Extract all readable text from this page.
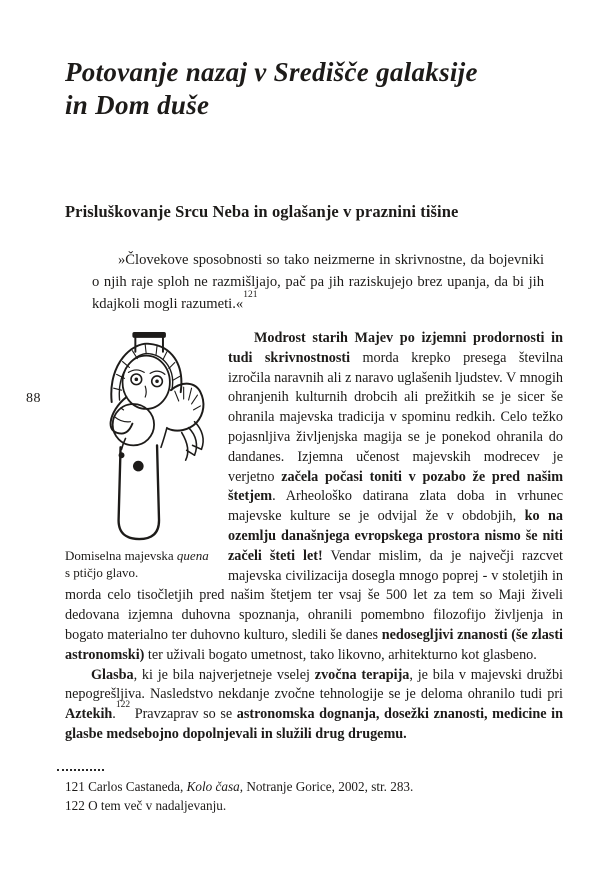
88
Potovanje nazaj v Središče galaksije
in Dom duše
Prisluškovanje Srcu Neba in oglašanje v praznini tišine
»Človekove sposobnosti so tako neizmerne in skrivnostne, da bojevniki o njih raje sploh ne razmišljajo, pač pa jih raziskujejo brez upanja, da bi jih kdajkoli mogli razumeti.«$^{121}$
Domiselna majevska quena s ptičjo glavo.

Modrost starih Majev po izjemni prodornosti in tudi skrivnostnosti morda krepko presega številna izročila naravnih ali z naravo uglašenih ljudstev. V mnogih ohranjenih kulturnih drobcih ali prežitkih se je sicer še ohranila majevska tradicija v spominu redkih. Celo težko pojasnljiva življenjska magija se je ponekod ohranila do dandanes. Izjemna učenost majevskih modrecev je verjetno začela počasi toniti v pozabo že pred našim štetjem. Arheološko datirana zlata doba in vrhunec majevske kulture se je odvijal že v obdobjih, ko na ozemlju današnjega evropskega prostora nismo še niti začeli šteti let! Vendar mislim, da je največji razcvet majevska civilizacija dosegla mnogo poprej - v stoletjih in morda celo tisočletjih pred našim štetjem ter vsaj še 500 let za tem so Maji živeli dedovana izjemna duhovna spoznanja, ohranili pomembno filozofijo življenja in bogato materialno ter duhovno kulturo, sledili še danes nedosegljivi znanosti (še zlasti astronomski) ter uživali bogato umetnost, tako likovno, arhitekturno kot glasbeno.

Glasba, ki je bila najverjetneje vselej zvočna terapija, je bila v majevski družbi nepogrešljiva. Nasledstvo nekdanje zvočne tehnologije se je deloma ohranilo tudi pri Aztekih.$^{122}$ Pravzaprav so se astronomska dognanja, dosežki znanosti, medicine in glasbe medsebojno dopolnjevali in služili drug drugemu.

121 Carlos Castaneda, Kolo časa, Notranje Gorice, 2002, str. 283.

122 O tem več v nadaljevanju.
